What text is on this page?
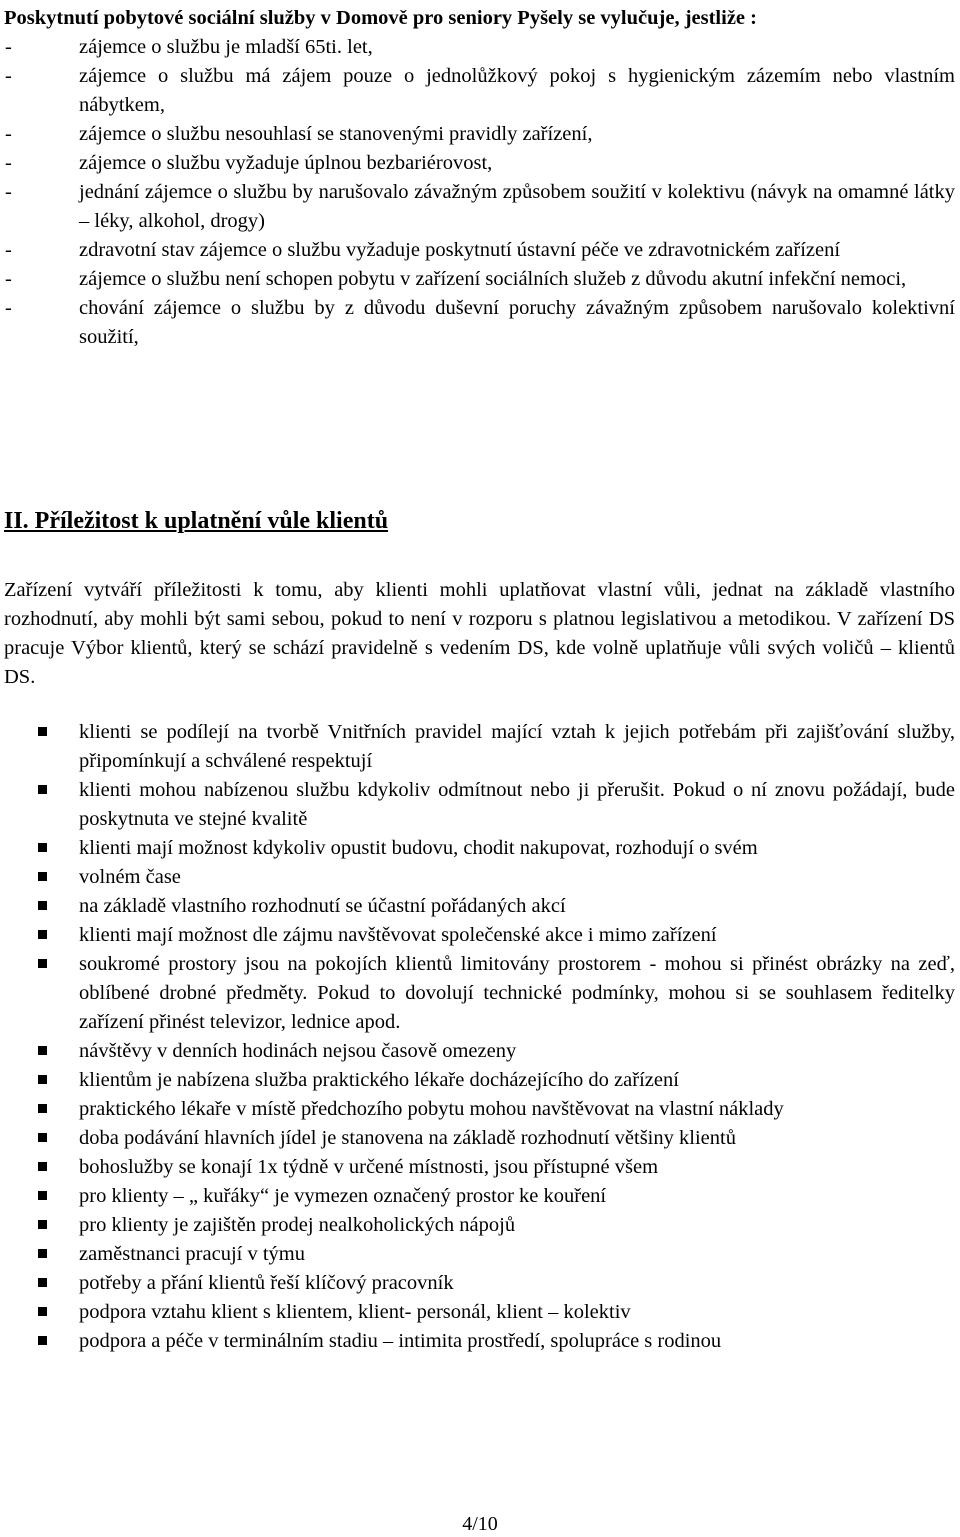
Poskytnutí pobytové sociální služby v Domově pro seniory Pyšely se vylučuje, jestliže :
-	zájemce o službu je mladší 65ti. let,
-	zájemce o službu má zájem pouze o jednolůžkový pokoj s hygienickým zázemím nebo vlastním nábytkem,
-	zájemce o službu nesouhlasí se stanovenými pravidly zařízení,
-	zájemce o službu vyžaduje úplnou bezbariérovost,
-	jednání zájemce o službu by narušovalo závažným způsobem soužití v kolektivu (návyk na omamné látky – léky, alkohol, drogy)
-	zdravotní stav zájemce o službu vyžaduje poskytnutí ústavní péče ve zdravotnickém zařízení
-	zájemce o službu není schopen pobytu v zařízení sociálních služeb z důvodu akutní infekční nemoci,
-	chování zájemce o službu by z důvodu duševní poruchy závažným způsobem narušovalo kolektivní soužití,
II. Příležitost k uplatnění vůle klientů

Zařízení vytváří příležitosti k tomu, aby klienti mohli uplatňovat vlastní vůli, jednat na základě vlastního rozhodnutí, aby mohli být sami sebou, pokud to není v rozporu s platnou legislativou a metodikou. V zařízení DS pracuje Výbor klientů, který se schází pravidelně s vedením DS, kde volně uplatňuje vůli svých voličů – klientů DS.

klienti se podílejí na tvorbě Vnitřních pravidel mající vztah k jejich potřebám při zajišťování služby, připomínkují a schválené respektují
klienti mohou nabízenou službu kdykoliv odmítnout nebo ji přerušit. Pokud o ní znovu požádají, bude poskytnuta ve stejné kvalitě
klienti mají možnost kdykoliv opustit budovu, chodit nakupovat, rozhodují o svém
volném čase
na základě vlastního rozhodnutí se účastní pořádaných akcí
klienti mají možnost dle zájmu navštěvovat společenské akce i mimo zařízení
soukromé prostory jsou na pokojích klientů limitovány prostorem - mohou si přinést obrázky na zeď, oblíbené drobné předměty. Pokud to dovolují technické podmínky, mohou si se souhlasem ředitelky zařízení přinést televizor, lednice apod.
návštěvy v denních hodinách nejsou časově omezeny
klientům je nabízena služba praktického lékaře docházejícího do zařízení
praktického lékaře v místě předchozího pobytu mohou navštěvovat na vlastní náklady
doba podávání hlavních jídel je stanovena na základě rozhodnutí většiny klientů
bohoslužby se konají 1x týdně v určené místnosti, jsou přístupné všem
pro klienty – „ kuřáky“ je vymezen označený prostor ke kouření
pro klienty je zajištěn prodej nealkoholických nápojů
zaměstnanci pracují v týmu
potřeby a přání klientů řeší klíčový pracovník
podpora vztahu klient s klientem, klient- personál, klient – kolektiv
podpora a péče v terminálním stadiu – intimita prostředí, spolupráce s rodinou
4/10
